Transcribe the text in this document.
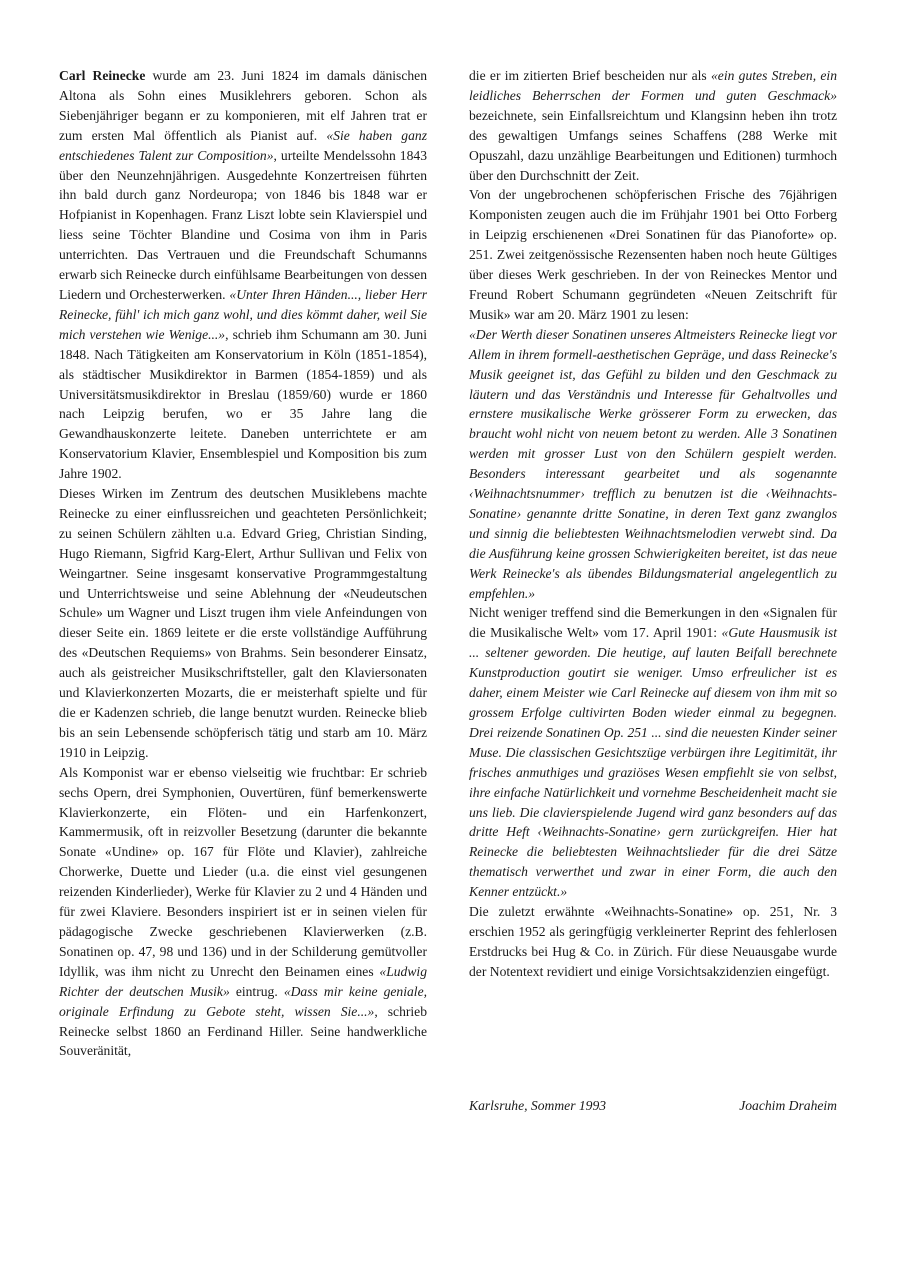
Carl Reinecke wurde am 23. Juni 1824 im damals dänischen Altona als Sohn eines Musiklehrers geboren. Schon als Siebenjähriger begann er zu komponieren, mit elf Jahren trat er zum ersten Mal öffentlich als Pianist auf. «Sie haben ganz entschiedenes Talent zur Composition», urteilte Mendelssohn 1843 über den Neunzehnjährigen. Ausgedehnte Konzertreisen führten ihn bald durch ganz Nordeuropa; von 1846 bis 1848 war er Hofpianist in Kopenhagen. Franz Liszt lobte sein Klavierspiel und liess seine Töchter Blandine und Cosima von ihm in Paris unterrichten. Das Vertrauen und die Freundschaft Schumanns erwarb sich Reinecke durch einfühlsame Bearbeitungen von dessen Liedern und Orchesterwerken. «Unter Ihren Händen..., lieber Herr Reinecke, fühl' ich mich ganz wohl, und dies kömmt daher, weil Sie mich verstehen wie Wenige...», schrieb ihm Schumann am 30. Juni 1848. Nach Tätigkeiten am Konservatorium in Köln (1851-1854), als städtischer Musikdirektor in Barmen (1854-1859) und als Universitätsmusikdirektor in Breslau (1859/60) wurde er 1860 nach Leipzig berufen, wo er 35 Jahre lang die Gewandhauskonzerte leitete. Daneben unterrichtete er am Konservatorium Klavier, Ensemblespiel und Komposition bis zum Jahre 1902.

Dieses Wirken im Zentrum des deutschen Musiklebens machte Reinecke zu einer einflussreichen und geachteten Persönlichkeit; zu seinen Schülern zählten u.a. Edvard Grieg, Christian Sinding, Hugo Riemann, Sigfrid Karg-Elert, Arthur Sullivan und Felix von Weingartner. Seine insgesamt konservative Programmgestaltung und Unterrichtsweise und seine Ablehnung der «Neudeutschen Schule» um Wagner und Liszt trugen ihm viele Anfeindungen von dieser Seite ein. 1869 leitete er die erste vollständige Aufführung des «Deutschen Requiems» von Brahms. Sein besonderer Einsatz, auch als geistreicher Musikschriftsteller, galt den Klaviersonaten und Klavierkonzerten Mozarts, die er meisterhaft spielte und für die er Kadenzen schrieb, die lange benutzt wurden. Reinecke blieb bis an sein Lebensende schöpferisch tätig und starb am 10. März 1910 in Leipzig.

Als Komponist war er ebenso vielseitig wie fruchtbar: Er schrieb sechs Opern, drei Symphonien, Ouvertüren, fünf bemerkenswerte Klavierkonzerte, ein Flöten- und ein Harfenkonzert, Kammermusik, oft in reizvoller Besetzung (darunter die bekannte Sonate «Undine» op. 167 für Flöte und Klavier), zahlreiche Chorwerke, Duette und Lieder (u.a. die einst viel gesungenen reizenden Kinderlieder), Werke für Klavier zu 2 und 4 Händen und für zwei Klaviere. Besonders inspiriert ist er in seinen vielen für pädagogische Zwecke geschriebenen Klavierwerken (z.B. Sonatinen op. 47, 98 und 136) und in der Schilderung gemütvoller Idyllik, was ihm nicht zu Unrecht den Beinamen eines «Ludwig Richter der deutschen Musik» eintrug. «Dass mir keine geniale, originale Erfindung zu Gebote steht, wissen Sie...», schrieb Reinecke selbst 1860 an Ferdinand Hiller. Seine handwerkliche Souveränität,

die er im zitierten Brief bescheiden nur als «ein gutes Streben, ein leidliches Beherrschen der Formen und guten Geschmack» bezeichnete, sein Einfallsreichtum und Klangsinn heben ihn trotz des gewaltigen Umfangs seines Schaffens (288 Werke mit Opuszahl, dazu unzählige Bearbeitungen und Editionen) turmhoch über den Durchschnitt der Zeit.

Von der ungebrochenen schöpferischen Frische des 76jährigen Komponisten zeugen auch die im Frühjahr 1901 bei Otto Forberg in Leipzig erschienenen «Drei Sonatinen für das Pianoforte» op. 251. Zwei zeitgenössische Rezensenten haben noch heute Gültiges über dieses Werk geschrieben. In der von Reineckes Mentor und Freund Robert Schumann gegründeten «Neuen Zeitschrift für Musik» war am 20. März 1901 zu lesen:

«Der Werth dieser Sonatinen unseres Altmeisters Reinecke liegt vor Allem in ihrem formell-aesthetischen Gepräge, und dass Reinecke's Musik geeignet ist, das Gefühl zu bilden und den Geschmack zu läutern und das Verständnis und Interesse für Gehaltvolles und ernstere musikalische Werke grösserer Form zu erwecken, das braucht wohl nicht von neuem betont zu werden. Alle 3 Sonatinen werden mit grosser Lust von den Schülern gespielt werden. Besonders interessant gearbeitet und als sogenannte ‹Weihnachtsnummer› trefflich zu benutzen ist die ‹Weihnachts-Sonatine› genannte dritte Sonatine, in deren Text ganz zwanglos und sinnig die beliebtesten Weihnachtsmelodien verwebt sind. Da die Ausführung keine grossen Schwierigkeiten bereitet, ist das neue Werk Reinecke's als übendes Bildungsmaterial angelegentlich zu empfehlen.»

Nicht weniger treffend sind die Bemerkungen in den «Signalen für die Musikalische Welt» vom 17. April 1901: «Gute Hausmusik ist ... seltener geworden. Die heutige, auf lauten Beifall berechnete Kunstproduction goutirt sie weniger. Umso erfreulicher ist es daher, einem Meister wie Carl Reinecke auf diesem von ihm mit so grossem Erfolge cultivirten Boden wieder einmal zu begegnen. Drei reizende Sonatinen Op. 251 ... sind die neuesten Kinder seiner Muse. Die classischen Gesichtszüge verbürgen ihre Legitimität, ihr frisches anmuthiges und graziöses Wesen empfiehlt sie von selbst, ihre einfache Natürlichkeit und vornehme Bescheidenheit macht sie uns lieb. Die clavierspielende Jugend wird ganz besonders auf das dritte Heft ‹Weihnachts-Sonatine› gern zurückgreifen. Hier hat Reinecke die beliebtesten Weihnachtslieder für die drei Sätze thematisch verwerthet und zwar in einer Form, die auch den Kenner entzückt.»

Die zuletzt erwähnte «Weihnachts-Sonatine» op. 251, Nr. 3 erschien 1952 als geringfügig verkleinerter Reprint des fehlerlosen Erstdrucks bei Hug & Co. in Zürich. Für diese Neuausgabe wurde der Notentext revidiert und einige Vorsichtsakzidenzien eingefügt.

Karlsruhe, Sommer 1993	Joachim Draheim
